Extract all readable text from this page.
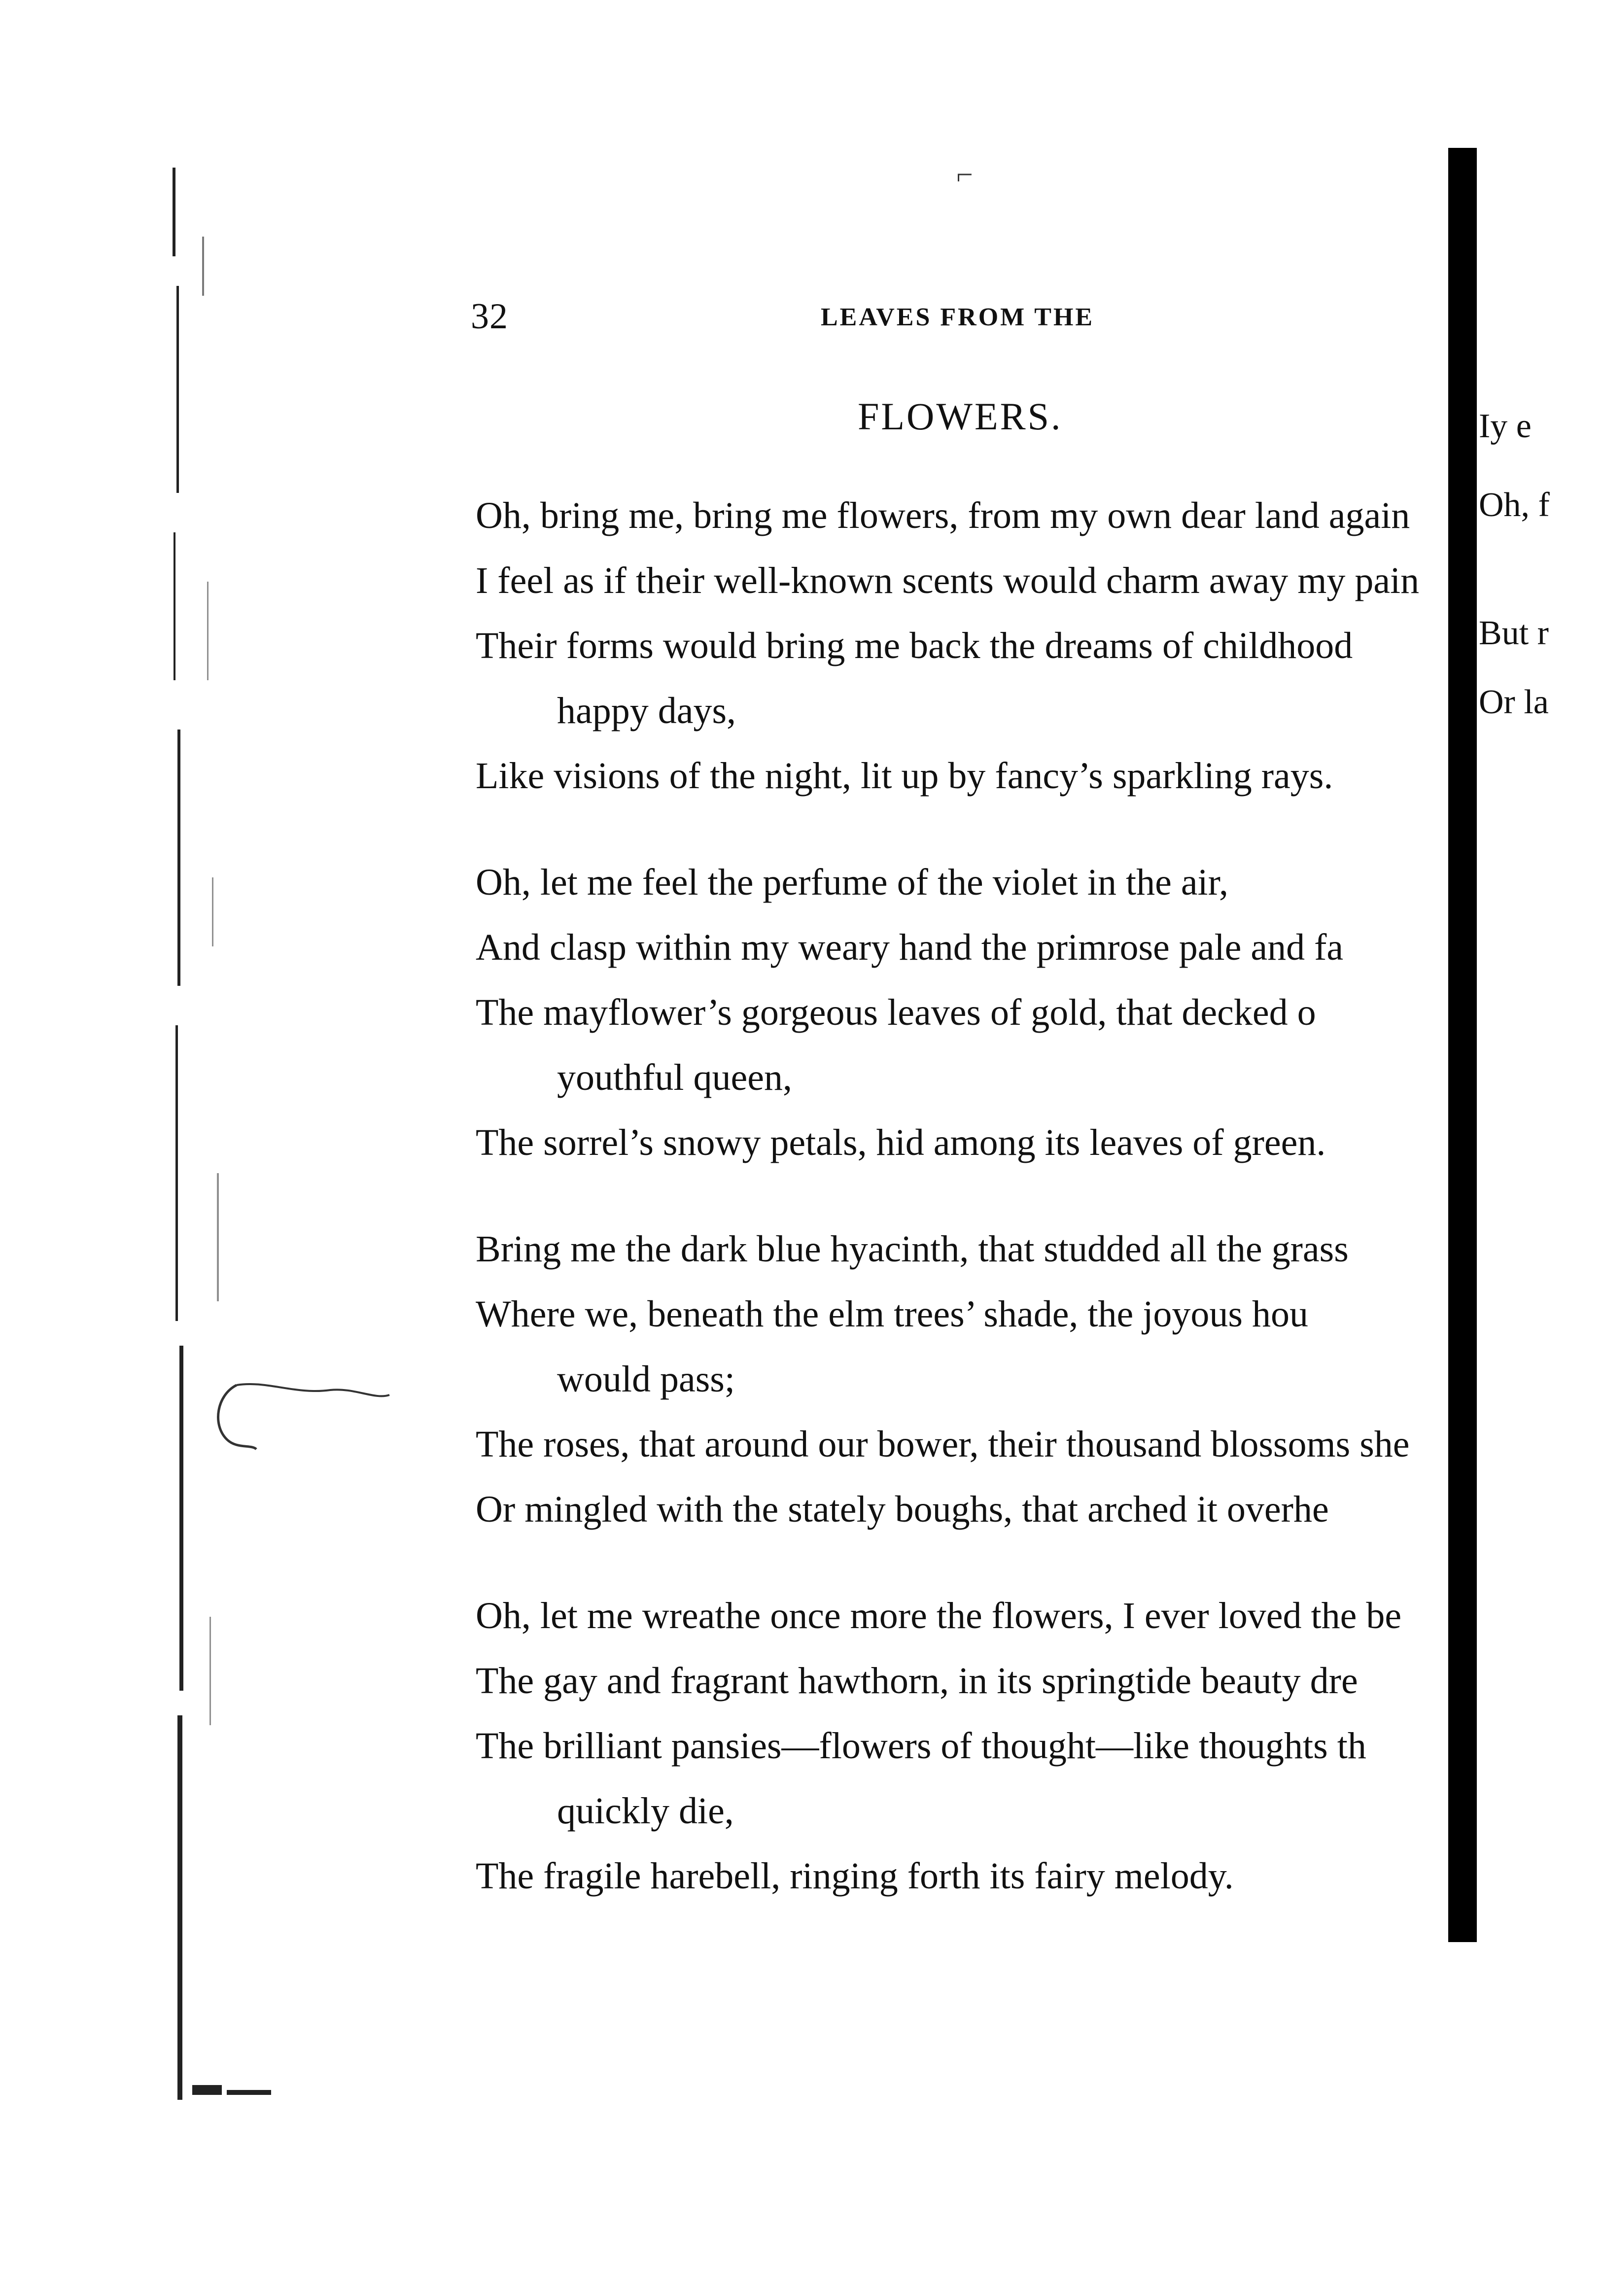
⌐
Iy e
Oh, f
But r
Or la
32	LEAVES FROM THE
FLOWERS.
Oh, bring me, bring me flowers, from my own dear land again
I feel as if their well-known scents would charm away my pain
Their forms would bring me back the dreams of childhood
happy days,
Like visions of the night, lit up by fancy’s sparkling rays.
Oh, let me feel the perfume of the violet in the air,
And clasp within my weary hand the primrose pale and fa
The mayflower’s gorgeous leaves of gold, that decked o
youthful queen,
The sorrel’s snowy petals, hid among its leaves of green.
Bring me the dark blue hyacinth, that studded all the grass
Where we, beneath the elm trees’ shade, the joyous hou
would pass;
The roses, that around our bower, their thousand blossoms she
Or mingled with the stately boughs, that arched it overhe
Oh, let me wreathe once more the flowers, I ever loved the be
The gay and fragrant hawthorn, in its springtide beauty dre
The brilliant pansies—flowers of thought—like thoughts th
quickly die,
The fragile harebell, ringing forth its fairy melody.
